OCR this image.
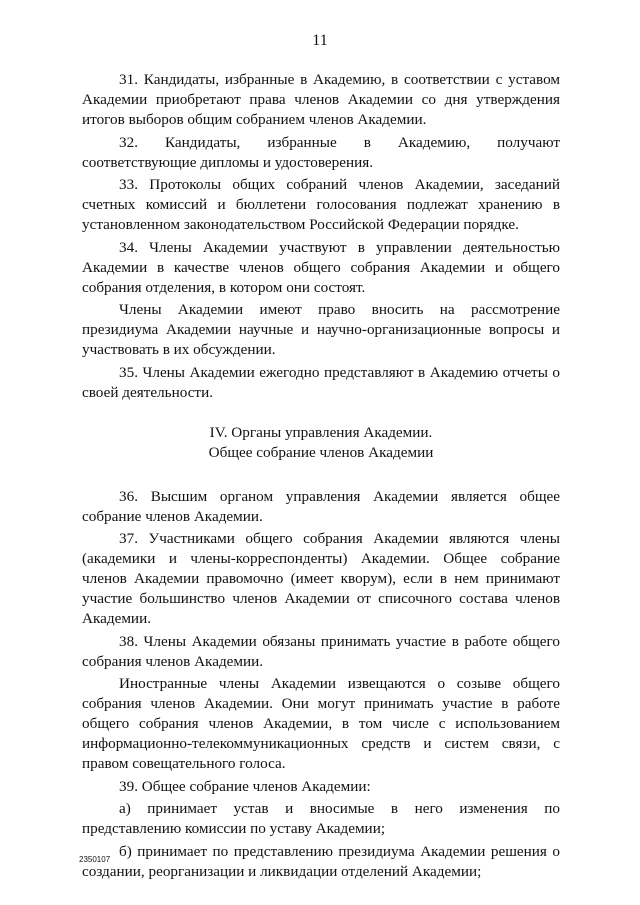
11

31. Кандидаты, избранные в Академию, в соответствии с уставом Академии приобретают права членов Академии со дня утверждения итогов выборов общим собранием членов Академии.

32. Кандидаты, избранные в Академию, получают соответствующие дипломы и удостоверения.

33. Протоколы общих собраний членов Академии, заседаний счетных комиссий и бюллетени голосования подлежат хранению в установленном законодательством Российской Федерации порядке.

34. Члены Академии участвуют в управлении деятельностью Академии в качестве членов общего собрания Академии и общего собрания отделения, в котором они состоят.

Члены Академии имеют право вносить на рассмотрение президиума Академии научные и научно-организационные вопросы и участвовать в их обсуждении.

35. Члены Академии ежегодно представляют в Академию отчеты о своей деятельности.

IV. Органы управления Академии.
Общее собрание членов Академии

36. Высшим органом управления Академии является общее собрание членов Академии.

37. Участниками общего собрания Академии являются члены (академики и члены-корреспонденты) Академии. Общее собрание членов Академии правомочно (имеет кворум), если в нем принимают участие большинство членов Академии от списочного состава членов Академии.

38. Члены Академии обязаны принимать участие в работе общего собрания членов Академии.

Иностранные члены Академии извещаются о созыве общего собрания членов Академии. Они могут принимать участие в работе общего собрания членов Академии, в том числе с использованием информационно-телекоммуникационных средств и систем связи, с правом совещательного голоса.

39. Общее собрание членов Академии:

а) принимает устав и вносимые в него изменения по представлению комиссии по уставу Академии;

б) принимает по представлению президиума Академии решения о создании, реорганизации и ликвидации отделений Академии;

2350107
